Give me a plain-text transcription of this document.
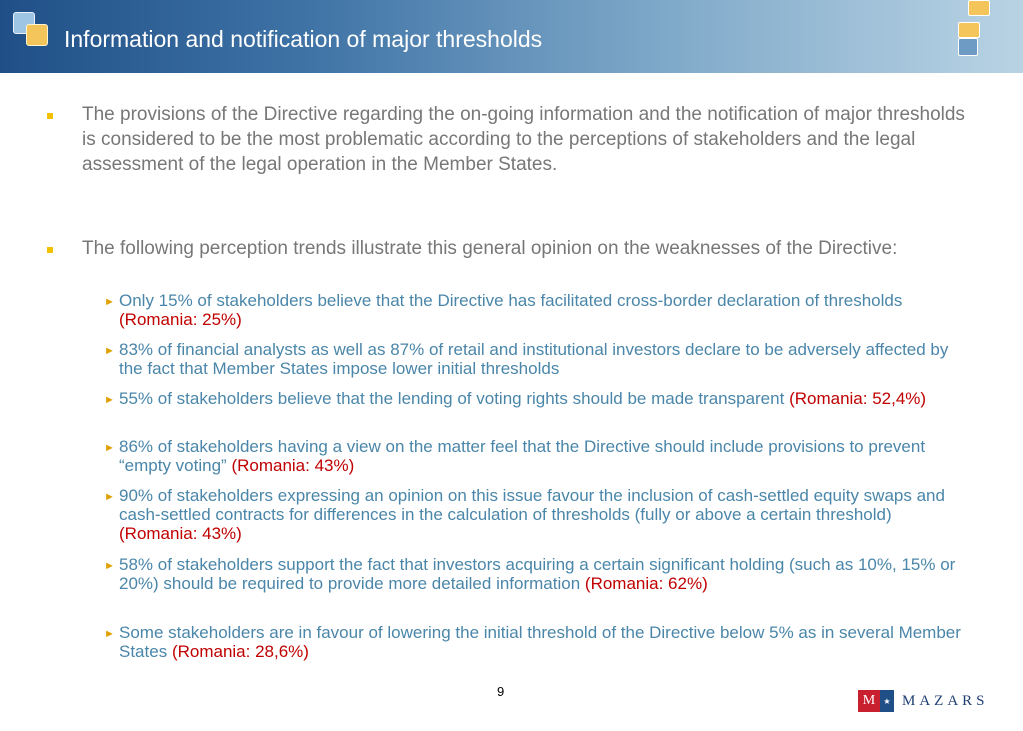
Information and notification of major thresholds
The provisions of the Directive regarding the on-going information and the notification of major thresholds is considered to be the most problematic according to the perceptions of stakeholders and the legal assessment of the legal operation in the Member States.
The following perception trends illustrate this general opinion on the weaknesses of the Directive:
► Only 15% of stakeholders believe that the Directive has facilitated cross-border declaration of thresholds (Romania: 25%)
► 83% of financial analysts as well as 87% of retail and institutional investors declare to be adversely affected by the fact that Member States impose lower initial thresholds
► 55% of stakeholders believe that the lending of voting rights should be made transparent (Romania: 52,4%)
► 86% of stakeholders having a view on the matter feel that the Directive should include provisions to prevent “empty voting” (Romania: 43%)
► 90% of stakeholders expressing an opinion on this issue favour the inclusion of cash-settled equity swaps and cash-settled contracts for differences in the calculation of thresholds (fully or above a certain threshold) (Romania: 43%)
► 58% of stakeholders support the fact that investors acquiring a certain significant holding (such as 10%, 15% or 20%) should be required to provide more detailed information (Romania: 62%)
► Some stakeholders are in favour of lowering the initial threshold of the Directive below 5% as in several Member States (Romania: 28,6%)
9
M	★ MAZARS
